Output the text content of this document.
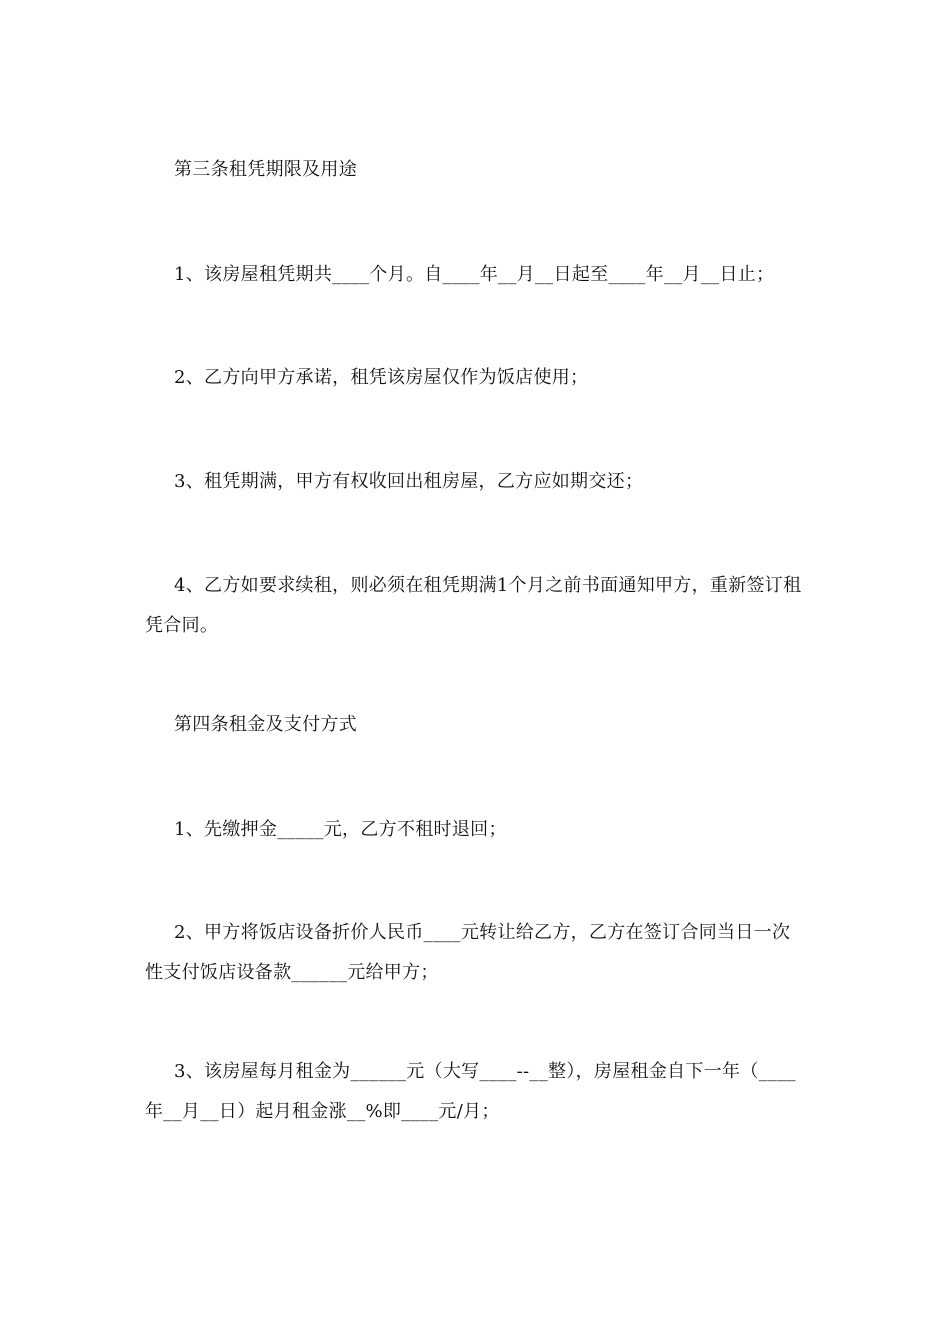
第三条租凭期限及用途

1、该房屋租凭期共____个月。自____年__月__日起至____年__月__日止；

2、乙方向甲方承诺，租凭该房屋仅作为饭店使用；

3、租凭期满，甲方有权收回出租房屋，乙方应如期交还；

4、乙方如要求续租，则必须在租凭期满1个月之前书面通知甲方，重新签订租凭合同。

第四条租金及支付方式

1、先缴押金_____元，乙方不租时退回；

2、甲方将饭店设备折价人民币____元转让给乙方，乙方在签订合同当日一次性支付饭店设备款______元给甲方；

3、该房屋每月租金为______元（大写____--__整），房屋租金自下一年（____年__月__日）起月租金涨__%即____元/月；
